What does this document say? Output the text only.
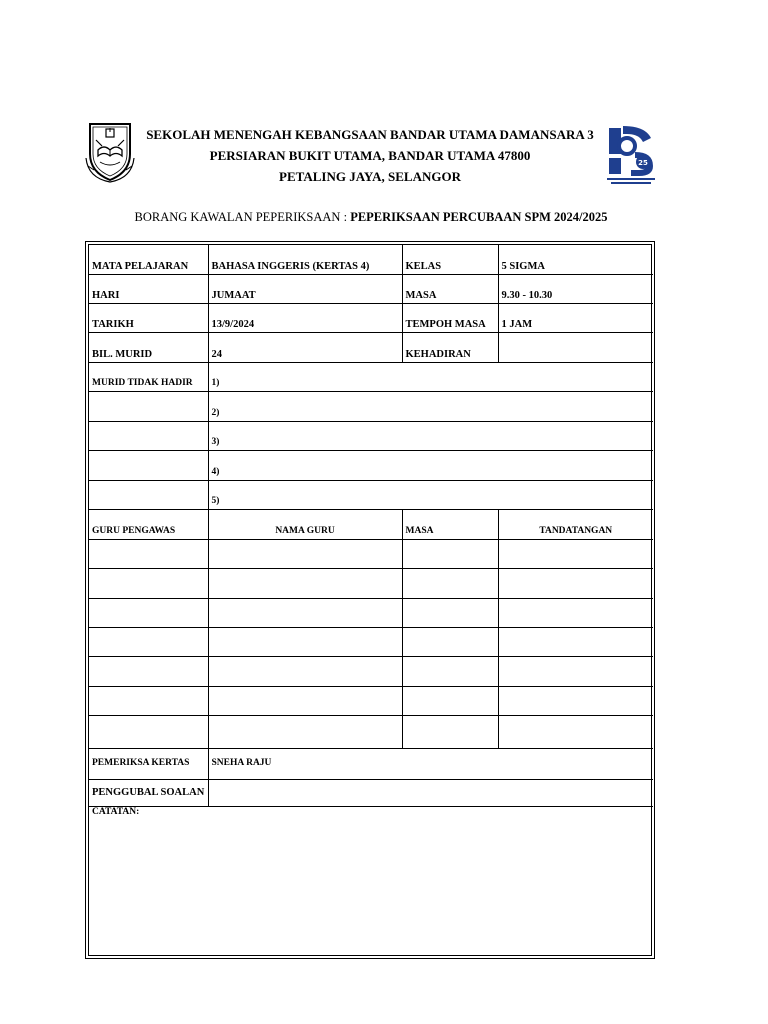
SEKOLAH MENENGAH KEBANGSAAN BANDAR UTAMA DAMANSARA 3
PERSIARAN BUKIT UTAMA, BANDAR UTAMA 47800
PETALING JAYA, SELANGOR
25
BORANG KAWALAN PEPERIKSAAN : PEPERIKSAAN PERCUBAAN SPM 2024/2025
MATA PELAJARAN	BAHASA INGGERIS (KERTAS 4)	KELAS	5 SIGMA
HARI	JUMAAT	MASA	9.30 - 10.30
TARIKH	13/9/2024	TEMPOH MASA	1 JAM
BIL. MURID	24	KEHADIRAN	
MURID TIDAK HADIR	1)		
	2)		
	3)		
	4)		
	5)		
GURU PENGAWAS	NAMA GURU	MASA	TANDATANGAN

PEMERIKSA KERTAS	SNEHA RAJU		
PENGGUBAL SOALAN			
CATATAN:			
